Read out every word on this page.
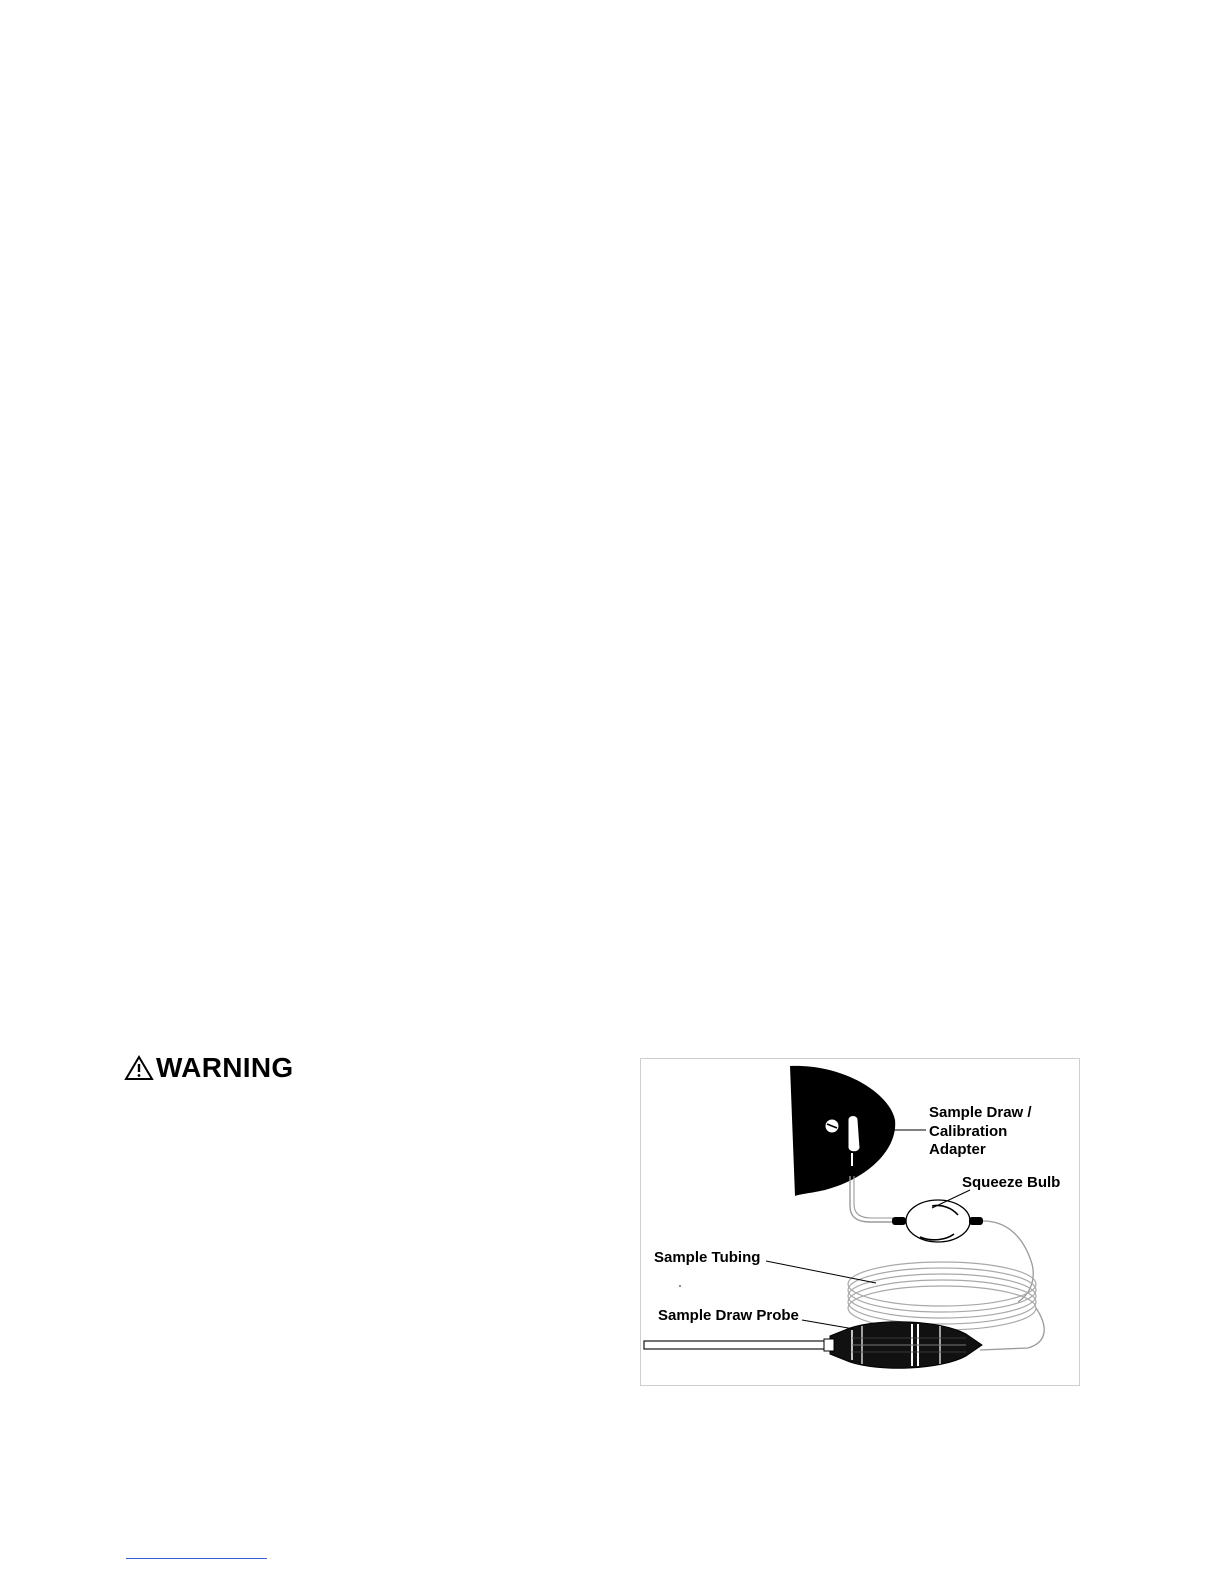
WARNING
Sample Draw /
Calibration
Adapter
Squeeze Bulb
Sample Tubing
Sample Draw Probe
